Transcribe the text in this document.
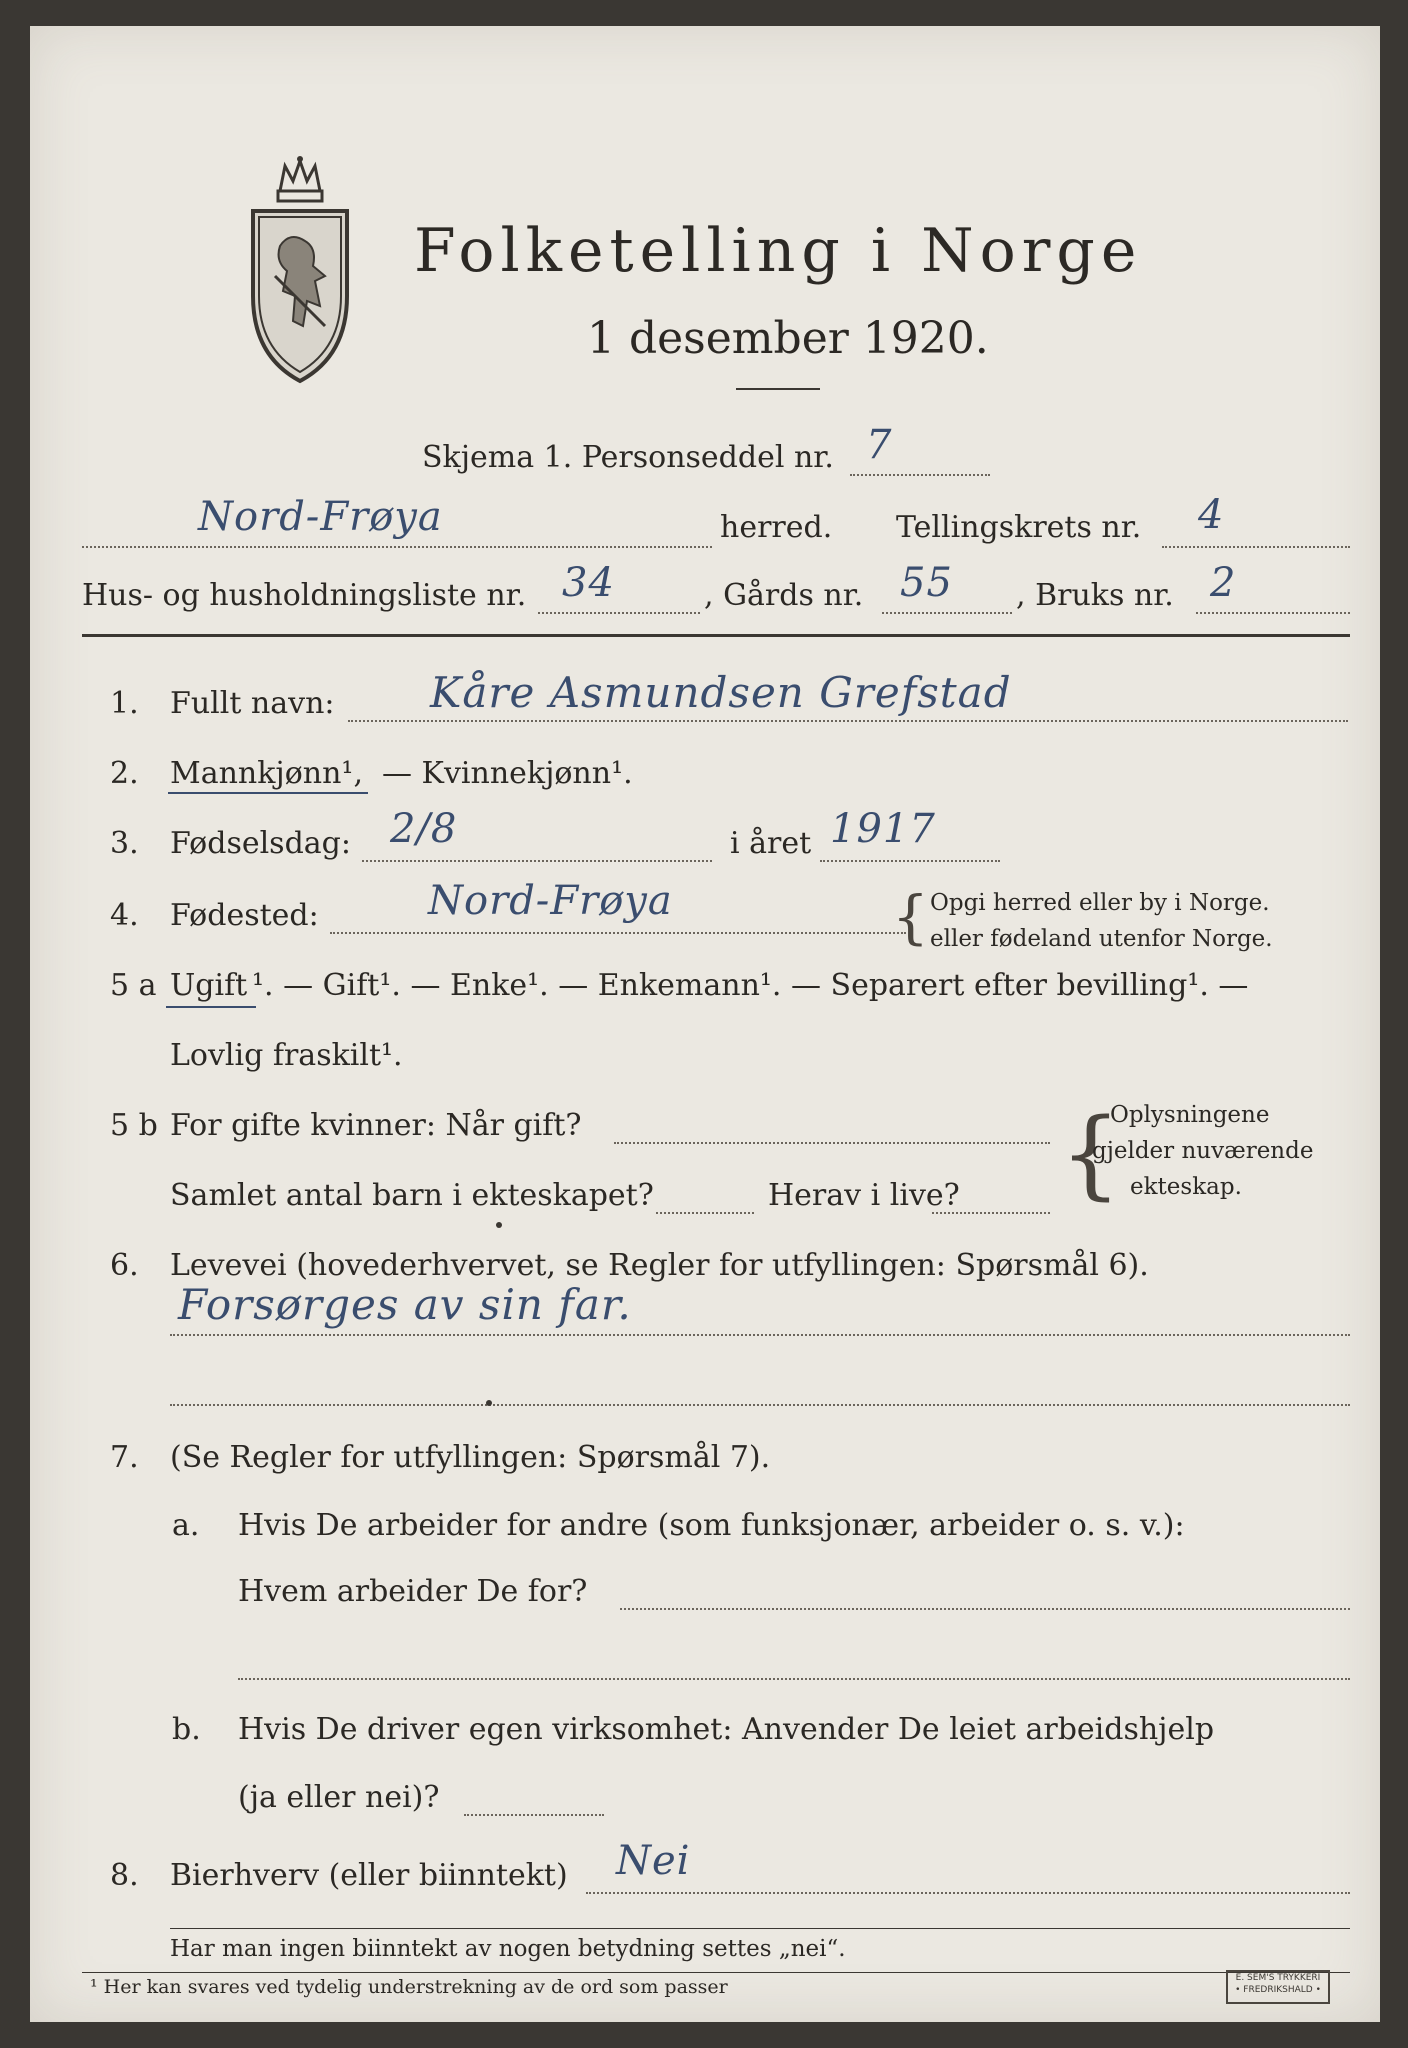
Folketelling i Norge
1 desember 1920.
Skjema 1. Personseddel nr. 7
Nord-Frøya	herred. Tellingskrets nr. 4
Hus- og husholdningsliste nr. 34	, Gårds nr. 55 , Bruks nr. 2
1. Fullt navn: Kåre Asmundsen Grefstad
2. Mannkjønn¹, — Kvinnekjønn¹.
3. Fødselsdag: 2/8	i året 1917
4. Fødested:	Nord-Frøya	{ Opgi herred eller by i Norge.
eller fødeland utenfor Norge.
5 a Ugift ¹. — Gift¹. — Enke¹. — Enkemann¹. — Separert efter bevilling¹. —
Lovlig fraskilt¹.
5 b For gifte kvinner: Når gift?
Samlet antal barn i ekteskapet?	Herav i live? {
Oplysningene
gjelder nuværende
ekteskap.
6. Levevei (hovederhvervet, se Regler for utfyllingen: Spørsmål 6).
Forsørges av sin far.
7. (Se Regler for utfyllingen: Spørsmål 7).
a. Hvis De arbeider for andre (som funksjonær, arbeider o. s. v.):
Hvem arbeider De for?
b. Hvis De driver egen virksomhet: Anvender De leiet arbeidshjelp
(ja eller nei)?
8. Bierhverv (eller biinntekt) Nei
Har man ingen biinntekt av nogen betydning settes „nei“.
¹ Her kan svares ved tydelig understrekning av de ord som passer	E. SEM'S TRYKKERI
• FREDRIKSHALD •
